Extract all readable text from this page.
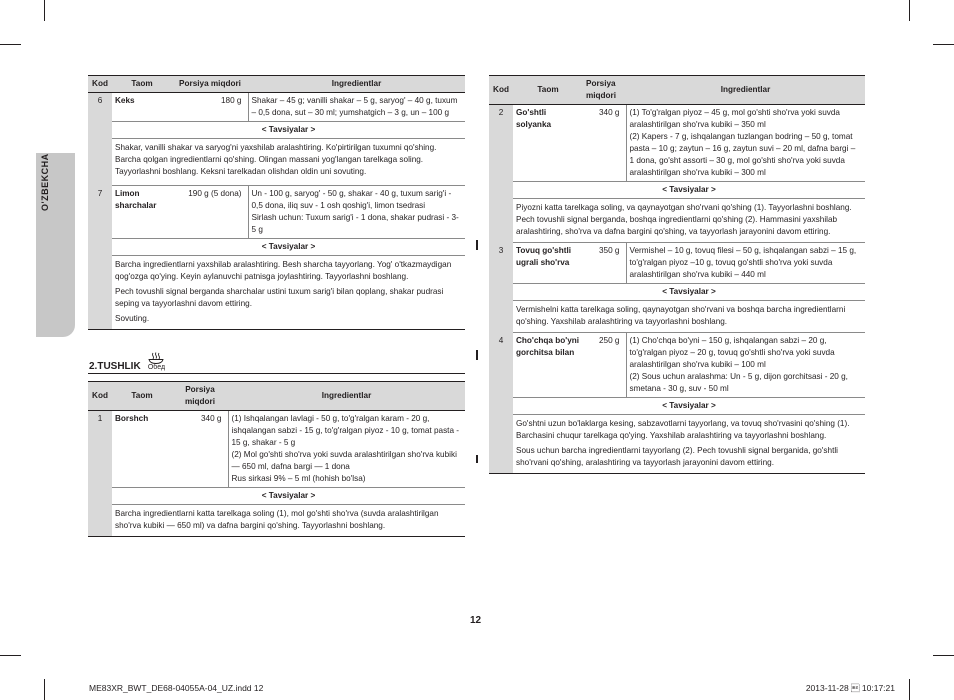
O'ZBEKCHA
Kod	Taom	Porsiya miqdori	Ingredientlar
6	Keks	180 g	Shakar – 45 g; vanilli shakar – 5 g, saryog' – 40 g, tuxum – 0,5 dona, sut – 30 ml; yumshatgich – 3 g, un – 100 g
	< Tavsiyalar >		

	Shakar, vanilli shakar va saryog'ni yaxshilab aralashtiring. Ko'pirtirilgan tuxumni qo'shing. Barcha qolgan ingredientlarni qo'shing. Olingan massani yog'langan tarelkaga soling. Tayyorlashni boshlang. Keksni tarelkadan olishdan oldin uni sovuting.		

7	Limon sharchalar	190 g (5 dona)	Un - 100 g, saryog' - 50 g, shakar - 40 g, tuxum sarig'i - 0,5 dona, iliq suv - 1 osh qoshig'i, limon tsedrasi
Sirlash uchun: Tuxum sarig'i - 1 dona, shakar pudrasi - 3-5 g

	< Tavsiyalar >		

	Barcha ingredientlarni yaxshilab aralashtiring. Besh sharcha tayyorlang. Yog' o'tkazmaydigan qog'ozga qo'ying. Keyin aylanuvchi patnisga joylashtiring. Tayyorlashni boshlang.

Pech tovushli signal berganda sharchalar ustini tuxum sarig'i bilan qoplang, shakar pudrasi seping va tayyorlashni davom ettiring.

Sovuting.		

2.TUSHLIK	Обед
Kod	Taom	Porsiya miqdori	Ingredientlar
1	Borshch	340 g	(1) Ishqalangan lavlagi - 50 g, to'g'ralgan karam - 20 g, ishqalangan sabzi - 15 g, to'g'ralgan piyoz - 10 g, tomat pasta - 15 g, shakar - 5 g
(2) Mol go'shti sho'rva yoki suvda aralashtirilgan sho'rva kubiki — 650 ml, dafna bargi — 1 dona
Rus sirkasi 9% – 5 ml (hohish bo'lsa)

	< Tavsiyalar >		

	Barcha ingredientlarni katta tarelkaga soling (1), mol go'shti sho'rva (suvda aralashtirilgan sho'rva kubiki — 650 ml) va dafna bargini qo'shing. Tayyorlashni boshlang.		

Kod	Taom	Porsiya miqdori	Ingredientlar
2	Go'shtli solyanka	340 g	(1) To'g'ralgan piyoz – 45 g, mol go'shti sho'rva yoki suvda aralashtirilgan sho'rva kubiki – 350 ml
(2) Kapers - 7 g, ishqalangan tuzlangan bodring – 50 g, tomat pasta – 10 g; zaytun – 16 g, zaytun suvi – 20 ml, dafna bargi – 1 dona, go'sht assorti – 30 g, mol go'shti sho'rva yoki suvda aralashtirilgan sho'rva kubiki – 300 ml

	< Tavsiyalar >		

	Piyozni katta tarelkaga soling, va qaynayotgan sho'rvani qo'shing (1). Tayyorlashni boshlang. Pech tovushli signal berganda, boshqa ingredientlarni qo'shing (2). Hammasini yaxshilab aralashtiring, sho'rva va dafna bargini qo'shing, va tayyorlash jarayonini davom ettiring.		

3	Tovuq go'shtli ugrali sho'rva	350 g	Vermishel – 10 g, tovuq filesi – 50 g, ishqalangan sabzi – 15 g, to'g'ralgan piyoz –10 g, tovuq go'shtli sho'rva yoki suvda aralashtirilgan sho'rva kubiki – 440 ml
	< Tavsiyalar >		

	Vermishelni katta tarelkaga soling, qaynayotgan sho'rvani va boshqa barcha ingredientlarni qo'shing. Yaxshilab aralashtiring va tayyorlashni boshlang.		

4	Cho'chqa bo'yni gorchitsa bilan	250 g	(1) Cho'chqa bo'yni – 150 g, ishqalangan sabzi – 20 g, to'g'ralgan piyoz – 20 g, tovuq go'shtli sho'rva yoki suvda aralashtirilgan sho'rva kubiki – 100 ml
(2) Sous uchun aralashma: Un - 5 g, dijon gorchitsasi - 20 g, smetana - 30 g, suv - 50 ml

	< Tavsiyalar >		

	Go'shtni uzun bo'laklarga kesing, sabzavotlarni tayyorlang, va tovuq sho'rvasini qo'shing (1). Barchasini chuqur tarelkaga qo'ying. Yaxshilab aralashtiring va tayyorlashni boshlang.

Sous uchun barcha ingredientlarni tayyorlang (2). Pech tovushli signal berganida, go'shtli sho'rvani qo'shing, aralashtiring va tayyorlash jarayonini davom ettiring.		

12
ME83XR_BWT_DE68-04055A-04_UZ.indd 12	2013-11-28  10:17:21
